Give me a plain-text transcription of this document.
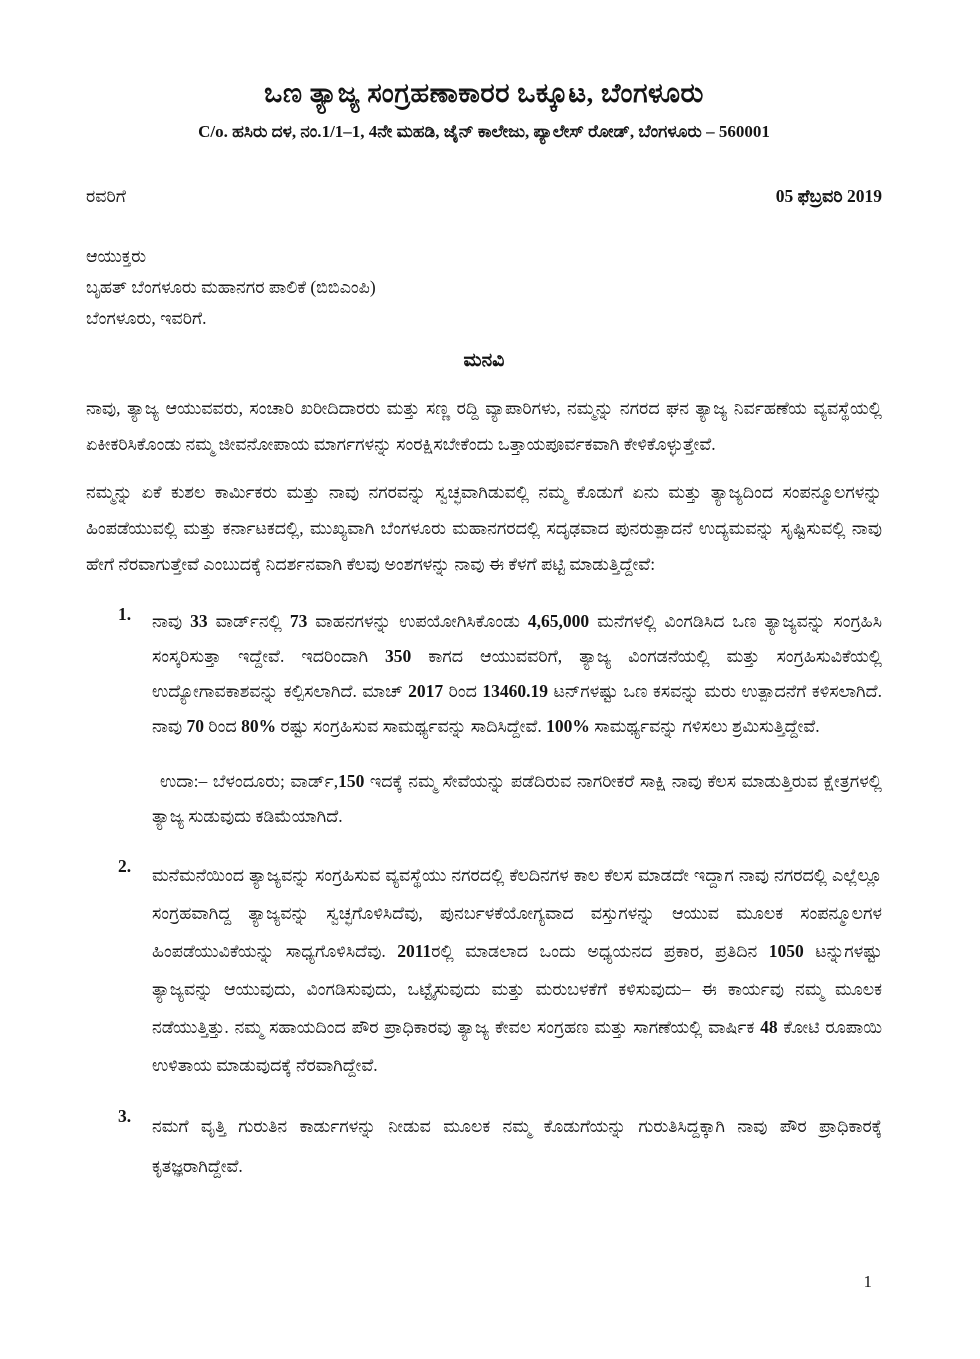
ಒಣ ತ್ಯಾಜ್ಯ ಸಂಗ್ರಹಣಾಕಾರರ ಒಕ್ಕೂಟ, ಬೆಂಗಳೂರು
C/o. ಹಸಿರು ದಳ, ನಂ.1/1–1, 4ನೇ ಮಹಡಿ, ಜೈನ್ ಕಾಲೇಜು, ಪ್ಯಾಲೇಸ್ ರೋಡ್, ಬೆಂಗಳೂರು – 560001
ರವರಿಗೆ	05 ಫೆಬ್ರವರಿ 2019
ಆಯುಕ್ತರು
ಬೃಹತ್ ಬೆಂಗಳೂರು ಮಹಾನಗರ ಪಾಲಿಕೆ (ಬಿಬಿಎಂಪಿ)
ಬೆಂಗಳೂರು, ಇವರಿಗೆ.
ಮನವಿ

ನಾವು, ತ್ಯಾಜ್ಯ ಆಯುವವರು, ಸಂಚಾರಿ ಖರೀದಿದಾರರು ಮತ್ತು ಸಣ್ಣ ರದ್ದಿ ವ್ಯಾಪಾರಿಗಳು, ನಮ್ಮನ್ನು ನಗರದ ಘನ ತ್ಯಾಜ್ಯ ನಿರ್ವಹಣೆಯ ವ್ಯವಸ್ಥೆಯಲ್ಲಿ ಏಕೀಕರಿಸಿಕೊಂಡು ನಮ್ಮ ಜೀವನೋಪಾಯ ಮಾರ್ಗಗಳನ್ನು ಸಂರಕ್ಷಿಸಬೇಕೆಂದು ಒತ್ತಾಯಪೂರ್ವಕವಾಗಿ ಕೇಳಿಕೊಳ್ಳುತ್ತೇವೆ.

ನಮ್ಮನ್ನು ಏಕೆ ಕುಶಲ ಕಾರ್ಮಿಕರು ಮತ್ತು ನಾವು ನಗರವನ್ನು ಸ್ವಚ್ಛವಾಗಿಡುವಲ್ಲಿ ನಮ್ಮ ಕೊಡುಗೆ ಏನು ಮತ್ತು ತ್ಯಾಜ್ಯದಿಂದ ಸಂಪನ್ಮೂಲಗಳನ್ನು ಹಿಂಪಡೆಯುವಲ್ಲಿ ಮತ್ತು ಕರ್ನಾಟಕದಲ್ಲಿ, ಮುಖ್ಯವಾಗಿ ಬೆಂಗಳೂರು ಮಹಾನಗರದಲ್ಲಿ ಸದೃಢವಾದ ಪುನರುತ್ಪಾದನೆ ಉದ್ಯಮವನ್ನು ಸೃಷ್ಟಿಸುವಲ್ಲಿ ನಾವು ಹೇಗೆ ನೆರವಾಗುತ್ತೇವೆ ಎಂಬುದಕ್ಕೆ ನಿದರ್ಶನವಾಗಿ ಕೆಲವು ಅಂಶಗಳನ್ನು ನಾವು ಈ ಕೆಳಗೆ ಪಟ್ಟಿ ಮಾಡುತ್ತಿದ್ದೇವೆ:

1.	ನಾವು 33 ವಾರ್ಡ್‌ನಲ್ಲಿ 73 ವಾಹನಗಳನ್ನು ಉಪಯೋಗಿಸಿಕೊಂಡು 4,65,000 ಮನೆಗಳಲ್ಲಿ ವಿಂಗಡಿಸಿದ ಒಣ ತ್ಯಾಜ್ಯವನ್ನು ಸಂಗ್ರಹಿಸಿ ಸಂಸ್ಕರಿಸುತ್ತಾ ಇದ್ದೇವೆ. ಇದರಿಂದಾಗಿ 350 ಕಾಗದ ಆಯುವವರಿಗೆ, ತ್ಯಾಜ್ಯ ವಿಂಗಡನೆಯಲ್ಲಿ ಮತ್ತು ಸಂಗ್ರಹಿಸುವಿಕೆಯಲ್ಲಿ ಉದ್ಯೋಗಾವಕಾಶವನ್ನು ಕಲ್ಪಿಸಲಾಗಿದೆ. ಮಾಚ್ 2017 ರಿಂದ 13460.19 ಟನ್‌ಗಳಷ್ಟು ಒಣ ಕಸವನ್ನು ಮರು ಉತ್ಪಾದನೆಗೆ ಕಳಿಸಲಾಗಿದೆ. ನಾವು 70 ರಿಂದ 80% ರಷ್ಟು ಸಂಗ್ರಹಿಸುವ ಸಾಮರ್ಥ್ಯವನ್ನು ಸಾದಿಸಿದ್ದೇವೆ. 100% ಸಾಮರ್ಥ್ಯವನ್ನು ಗಳಿಸಲು ಶ್ರಮಿಸುತ್ತಿದ್ದೇವೆ.

ಉದಾ:– ಬೆಳಂದೂರು; ವಾರ್ಡ್,150 ಇದಕ್ಕೆ ನಮ್ಮ ಸೇವೆಯನ್ನು ಪಡೆದಿರುವ ನಾಗರೀಕರೆ ಸಾಕ್ಷಿ ನಾವು ಕೆಲಸ ಮಾಡುತ್ತಿರುವ ಕ್ಷೇತ್ರಗಳಲ್ಲಿ ತ್ಯಾಜ್ಯ ಸುಡುವುದು ಕಡಿಮೆಯಾಗಿದೆ.

2.	ಮನೆಮನೆಯಿಂದ ತ್ಯಾಜ್ಯವನ್ನು ಸಂಗ್ರಹಿಸುವ ವ್ಯವಸ್ಥೆಯು ನಗರದಲ್ಲಿ ಕೆಲದಿನಗಳ ಕಾಲ ಕೆಲಸ ಮಾಡದೇ ಇದ್ದಾಗ ನಾವು ನಗರದಲ್ಲಿ ಎಲ್ಲೆಲ್ಲೂ ಸಂಗ್ರಹವಾಗಿದ್ದ ತ್ಯಾಜ್ಯವನ್ನು ಸ್ವಚ್ಛಗೊಳಿಸಿದೆವು, ಪುನರ್ಬಳಕೆಯೋಗ್ಯವಾದ ವಸ್ತುಗಳನ್ನು ಆಯುವ ಮೂಲಕ ಸಂಪನ್ಮೂಲಗಳ ಹಿಂಪಡೆಯುವಿಕೆಯನ್ನು ಸಾಧ್ಯಗೊಳಿಸಿದೆವು. 2011ರಲ್ಲಿ ಮಾಡಲಾದ ಒಂದು ಅಧ್ಯಯನದ ಪ್ರಕಾರ, ಪ್ರತಿದಿನ 1050 ಟನ್ನುಗಳಷ್ಟು ತ್ಯಾಜ್ಯವನ್ನು ಆಯುವುದು, ವಿಂಗಡಿಸುವುದು, ಒಟ್ಟೈಸುವುದು ಮತ್ತು ಮರುಬಳಕೆಗೆ ಕಳಿಸುವುದು– ಈ ಕಾರ್ಯವು ನಮ್ಮ ಮೂಲಕ ನಡೆಯುತ್ತಿತ್ತು. ನಮ್ಮ ಸಹಾಯದಿಂದ ಪೌರ ಪ್ರಾಧಿಕಾರವು ತ್ಯಾಜ್ಯ ಕೇವಲ ಸಂಗ್ರಹಣ ಮತ್ತು ಸಾಗಣೆಯಲ್ಲಿ ವಾರ್ಷಿಕ 48 ಕೋಟಿ ರೂಪಾಯಿ ಉಳಿತಾಯ ಮಾಡುವುದಕ್ಕೆ ನೆರವಾಗಿದ್ದೇವೆ.
3.	ನಮಗೆ ವೃತ್ತಿ ಗುರುತಿನ ಕಾರ್ಡುಗಳನ್ನು ನೀಡುವ ಮೂಲಕ ನಮ್ಮ ಕೊಡುಗೆಯನ್ನು ಗುರುತಿಸಿದ್ದಕ್ಕಾಗಿ ನಾವು ಪೌರ ಪ್ರಾಧಿಕಾರಕ್ಕೆ ಕೃತಜ್ಞರಾಗಿದ್ದೇವೆ.
1
